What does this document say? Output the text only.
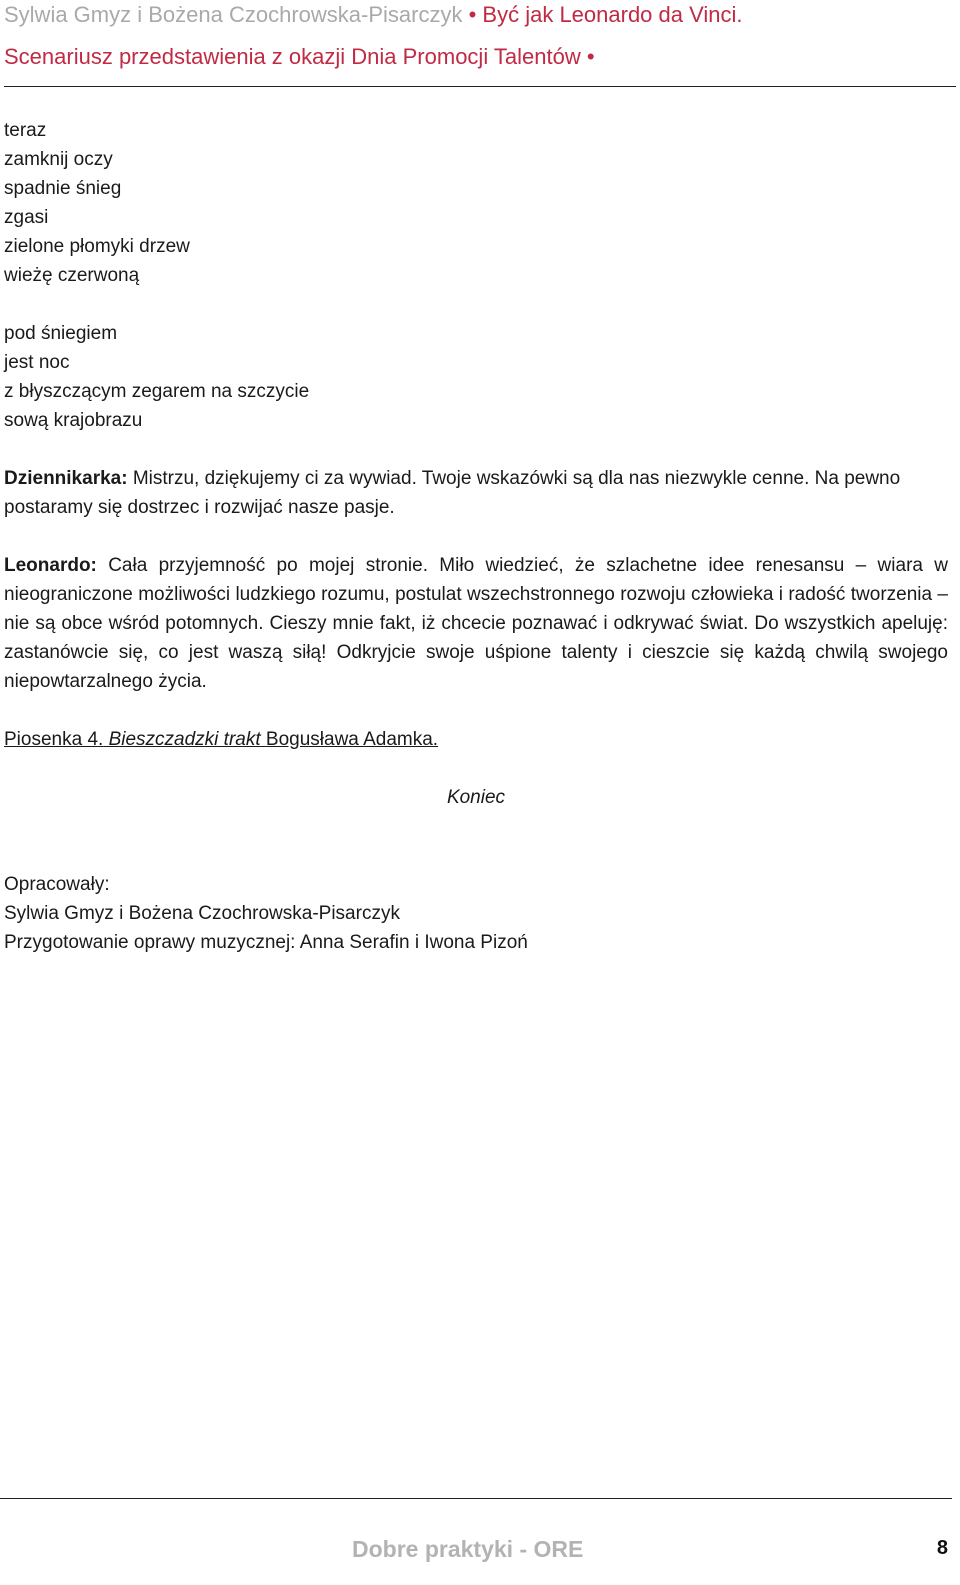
Sylwia Gmyz i Bożena Czochrowska-Pisarczyk • Być jak Leonardo da Vinci.
Scenariusz przedstawienia z okazji Dnia Promocji Talentów •
teraz
zamknij oczy
spadnie śnieg
zgasi
zielone płomyki drzew
wieżę czerwoną
pod śniegiem
jest noc
z błyszczącym zegarem na szczycie
sową krajobrazu

Dziennikarka: Mistrzu, dziękujemy ci za wywiad. Twoje wskazówki są dla nas niezwykle cenne. Na pewno postaramy się dostrzec i rozwijać nasze pasje.

Leonardo: Cała przyjemność po mojej stronie. Miło wiedzieć, że szlachetne idee renesansu – wiara w nieograniczone możliwości ludzkiego rozumu, postulat wszechstronnego rozwoju człowieka i radość tworzenia – nie są obce wśród potomnych. Cieszy mnie fakt, iż chcecie poznawać i odkrywać świat. Do wszystkich apeluję: zastanówcie się, co jest waszą siłą! Odkryjcie swoje uśpione talenty i cieszcie się każdą chwilą swojego niepowtarzalnego życia.

Piosenka 4. Bieszczadzki trakt Bogusława Adamka.
Koniec
Opracowały:
Sylwia Gmyz i Bożena Czochrowska-Pisarczyk
Przygotowanie oprawy muzycznej: Anna Serafin i Iwona Pizoń
Dobre praktyki - ORE	8
